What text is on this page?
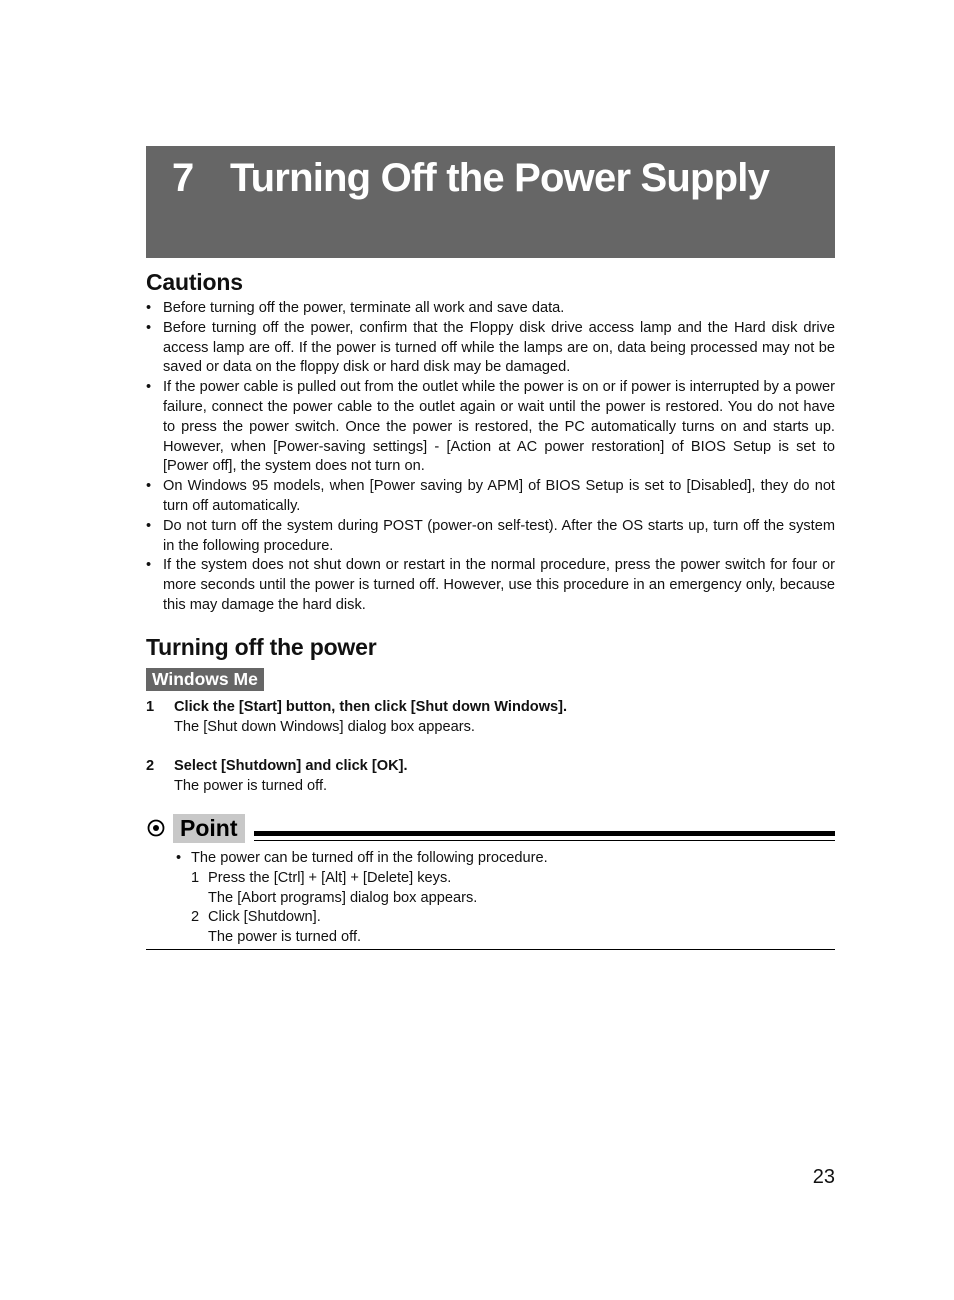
7 Turning Off the Power Supply
Cautions
• Before turning off the power, terminate all work and save data.
• Before turning off the power, confirm that the Floppy disk drive access lamp and the Hard disk drive access lamp are off. If the power is turned off while the lamps are on, data being processed may not be saved or data on the floppy disk or hard disk may be damaged.
• If the power cable is pulled out from the outlet while the power is on or if power is interrupted by a power failure, connect the power cable to the outlet again or wait until the power is restored. You do not have to press the power switch. Once the power is restored, the PC automatically turns on and starts up. However, when [Power-saving settings] - [Action at AC power restoration] of BIOS Setup is set to [Power off], the system does not turn on.
• On Windows 95 models, when [Power saving by APM] of BIOS Setup is set to [Disabled], they do not turn off automatically.
• Do not turn off the system during POST (power-on self-test). After the OS starts up, turn off the system in the following procedure.
• If the system does not shut down or restart in the normal procedure, press the power switch for four or more seconds until the power is turned off. However, use this procedure in an emergency only, because this may damage the hard disk.
Turning off the power
Windows Me
1 Click the [Start] button, then click [Shut down Windows].
The [Shut down Windows] dialog box appears.
2 Select [Shutdown] and click [OK].
The power is turned off.
Point
• The power can be turned off in the following procedure.
1 Press the [Ctrl] + [Alt] + [Delete] keys.
The [Abort programs] dialog box appears.
2 Click [Shutdown].
The power is turned off.
23
